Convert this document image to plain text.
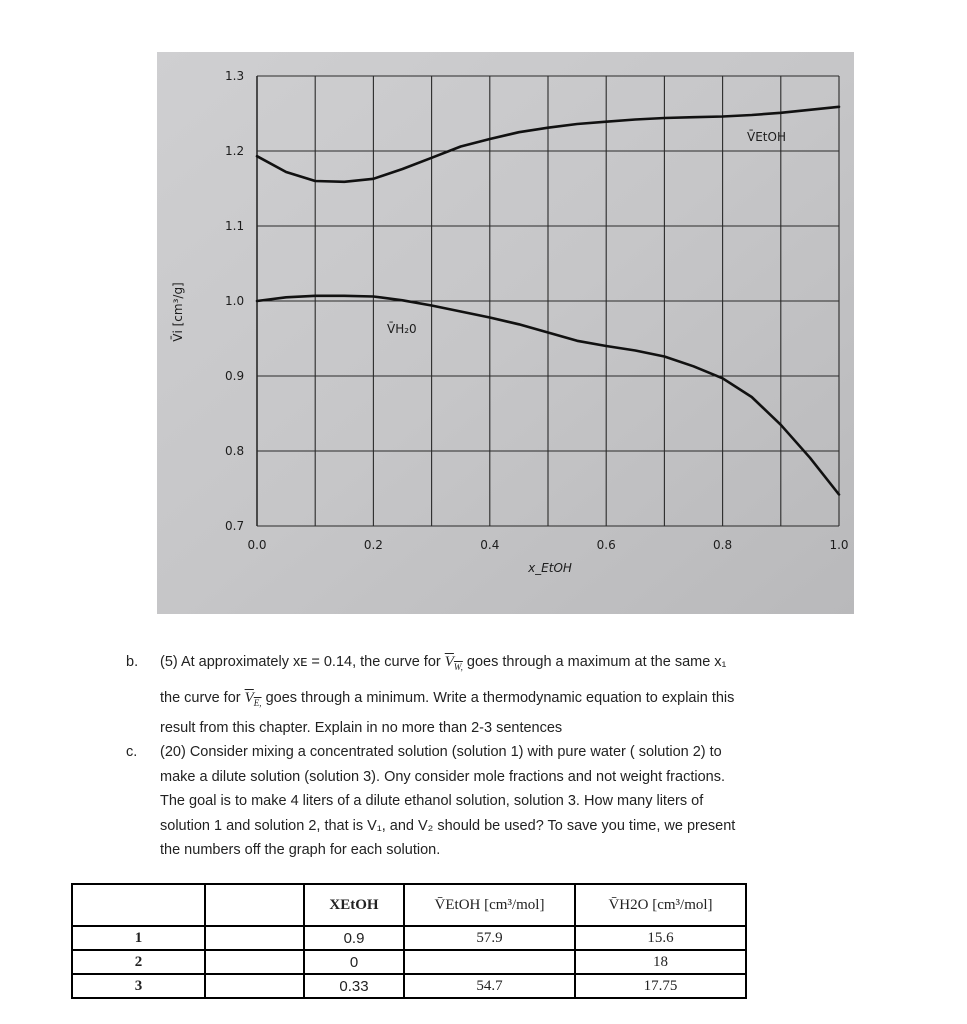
0.7
0.8
0.9
1.0
1.1
1.2
1.3
0.0	0.2	0.4	0.6	0.8	1.0
V̄i [cm³/g]
x_EtOH
V̄EtOH
V̄H₂0
b. (5) At approximately xᴇ = 0.14, the curve for $V_{W,}$ goes through a maximum at the same x₁
the curve for $V_{E,}$ goes through a minimum. Write a thermodynamic equation to explain this
result from this chapter. Explain in no more than 2-3 sentences
c. (20) Consider mixing a concentrated solution (solution 1) with pure water ( solution 2) to
make a dilute solution (solution 3). Ony consider mole fractions and not weight fractions.
The goal is to make 4 liters of a dilute ethanol solution, solution 3. How many liters of
solution 1 and solution 2, that is V₁, and V₂ should be used? To save you time, we present
the numbers off the graph for each solution.
		XEtOH	V̄EtOH [cm³/mol]	V̄H2O [cm³/mol]
1		0.9	57.9	15.6
2		0		18
3		0.33	54.7	17.75
